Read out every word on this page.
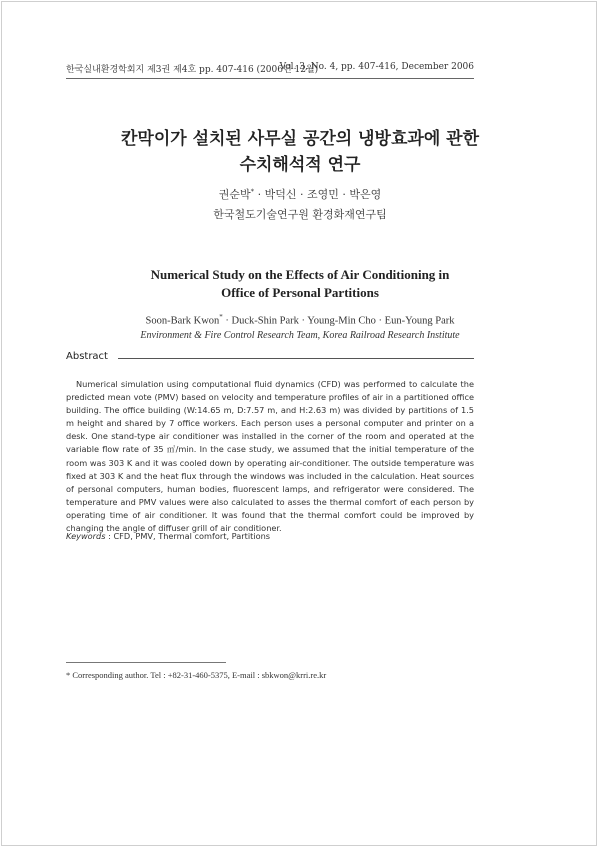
한국실내환경학회지 제3권 제4호 pp. 407-416 (2006년 12월)
Vol. 3, No. 4, pp. 407-416, December 2006
칸막이가 설치된 사무실 공간의 냉방효과에 관한
수치해석적 연구
권순박* · 박덕신 · 조영민 · 박은영
한국철도기술연구원 환경화재연구팀
Numerical Study on the Effects of Air Conditioning in
Office of Personal Partitions
Soon-Bark Kwon* · Duck-Shin Park · Young-Min Cho · Eun-Young Park
Environment & Fire Control Research Team, Korea Railroad Research Institute
Abstract

Numerical simulation using computational fluid dynamics (CFD) was performed to calculate the predicted mean vote (PMV) based on velocity and temperature profiles of air in a partitioned office building. The office building (W:14.65 m, D:7.57 m, and H:2.63 m) was divided by partitions of 1.5 m height and shared by 7 office workers. Each person uses a personal computer and printer on a desk. One stand-type air conditioner was installed in the corner of the room and operated at the variable flow rate of 35 ㎥/min. In the case study, we assumed that the initial temperature of the room was 303 K and it was cooled down by operating air-conditioner. The outside temperature was fixed at 303 K and the heat flux through the windows was included in the calculation. Heat sources of personal computers, human bodies, fluorescent lamps, and refrigerator were considered. The temperature and PMV values were also calculated to asses the thermal comfort of each person by operating time of air conditioner. It was found that the thermal comfort could be improved by changing the angle of diffuser grill of air conditioner.

Keywords : CFD, PMV, Thermal comfort, Partitions
* Corresponding author. Tel : +82-31-460-5375, E-mail : sbkwon@krri.re.kr
